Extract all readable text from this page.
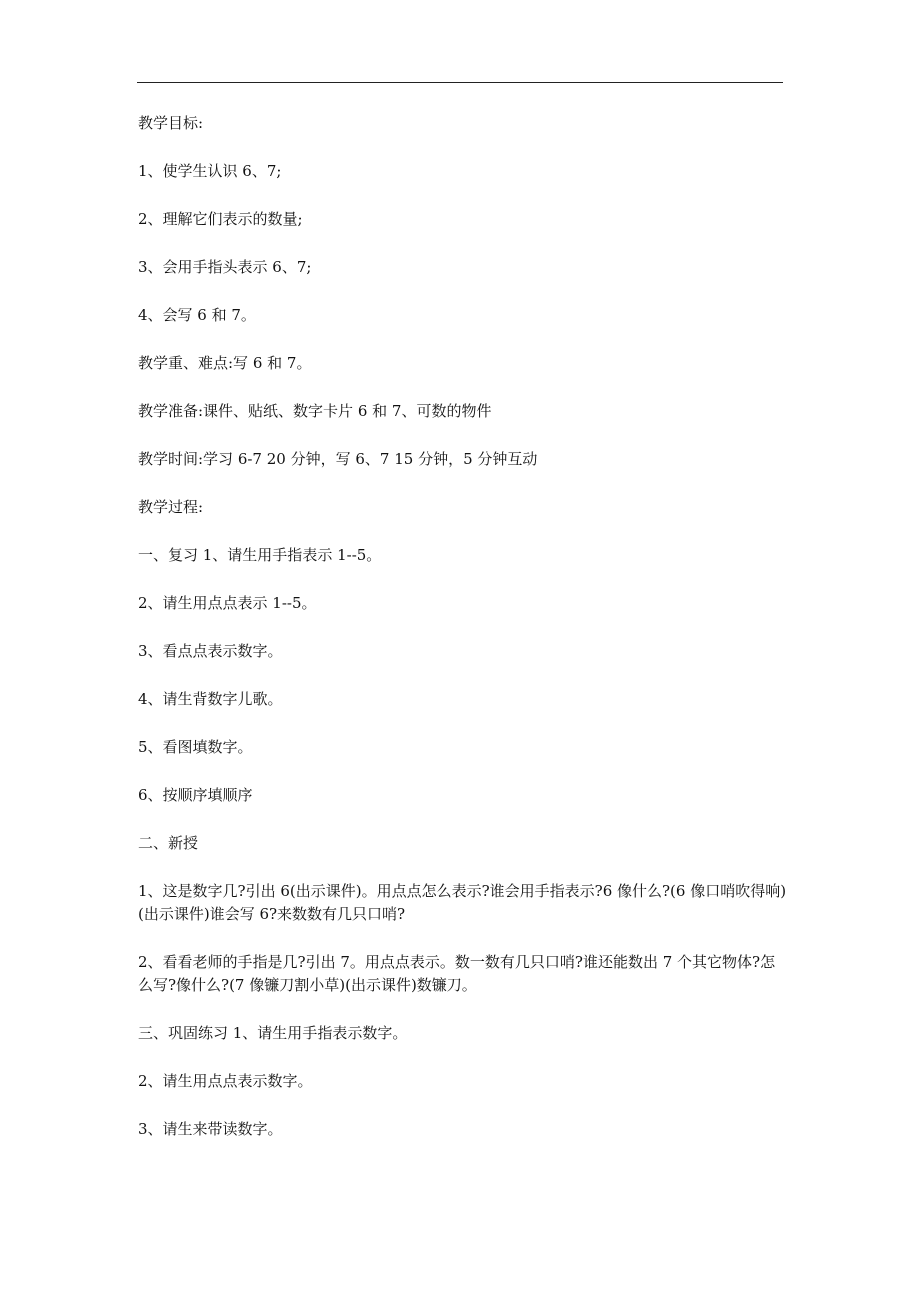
教学目标:

1、使学生认识 6、7;

2、理解它们表示的数量;

3、会用手指头表示 6、7;

4、会写 6 和 7。

教学重、难点:写 6 和 7。

教学准备:课件、贴纸、数字卡片 6 和 7、可数的物件

教学时间:学习 6-7 20 分钟，写 6、7 15 分钟，5 分钟互动

教学过程:

一、复习 1、请生用手指表示 1--5。

2、请生用点点表示 1--5。

3、看点点表示数字。

4、请生背数字儿歌。

5、看图填数字。

6、按顺序填顺序

二、新授

1、这是数字几?引出 6(出示课件)。用点点怎么表示?谁会用手指表示?6 像什么?(6 像口哨吹得响)(出示课件)谁会写 6?来数数有几只口哨?

2、看看老师的手指是几?引出 7。用点点表示。数一数有几只口哨?谁还能数出 7 个其它物体?怎么写?像什么?(7 像镰刀割小草)(出示课件)数镰刀。

三、巩固练习 1、请生用手指表示数字。

2、请生用点点表示数字。

3、请生来带读数字。
